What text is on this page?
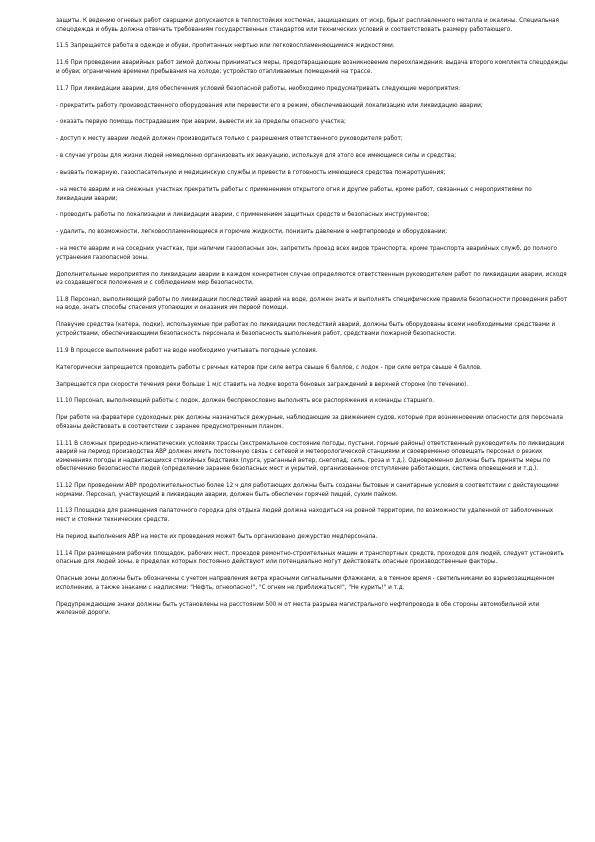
защиты. К ведению огневых работ сварщики допускаются в теплостойких костюмах, защищающих от искр, брызг расплавленного металла и окалины. Специальная спецодежда и обувь должна отвечать требованиям государственных стандартов или технических условий и соответствовать размеру работающего.

11.5 Запрещается работа в одежде и обуви, пропитанных нефтью или легковоспламеняющимися жидкостями.

11.6 При проведении аварийных работ зимой должны приниматься меры, предотвращающие возникновение переохлаждения: выдача второго комплекта спецодежды и обуви; ограничение времени пребывания на холоде; устройство отапливаемых помещений на трассе.

11.7 При ликвидации аварии, для обеспечения условий безопасной работы, необходимо предусматривать следующие мероприятия:

- прекратить работу производственного оборудования или перевести его в режим, обеспечивающий локализацию или ликвидацию аварии;

- оказать первую помощь пострадавшим при аварии, вывести их за пределы опасного участка;

- доступ к месту аварии людей должен производиться только с разрешения ответственного руководителя работ;

- в случае угрозы для жизни людей немедленно организовать их эвакуацию, используя для этого все имеющиеся силы и средства;

- вызвать пожарную, газоспасательную и медицинскую службы и привести в готовность имеющиеся средства пожаротушения;

- на месте аварии и на смежных участках прекратить работы с применением открытого огня и другие работы, кроме работ, связанных с мероприятиями по ликвидации аварии;

- проводить работы по локализации и ликвидации аварии, с применением защитных средств и безопасных инструментов;

- удалить, по возможности, легковоспламеняющиеся и горючие жидкости, понизить давление в нефтепроводе и оборудовании;

- на месте аварии и на соседних участках, при наличии газоопасных зон, запретить проезд всех видов транспорта, кроме транспорта аварийных служб, до полного устранения газоопасной зоны.

Дополнительные мероприятия по ликвидации аварии в каждом конкретном случае определяются ответственным руководителем работ по ликвидации аварии, исходя из создавшегося положения и с соблюдением мер безопасности.

11.8 Персонал, выполняющий работы по ликвидации последствий аварий на воде, должен знать и выполнять специфические правила безопасности проведения работ на воде, знать способы спасения утопающих и оказания им первой помощи.

Плавучие средства (катера, лодки), используемые при работах по ликвидации последствий аварий, должны быть оборудованы всеми необходимыми средствами и устройствами, обеспечивающими безопасность персонала и безопасность выполнения работ, средствами пожарной безопасности.

11.9 В процессе выполнения работ на воде необходимо учитывать погодные условия.

Категорически запрещается проводить работы с речных катеров при силе ветра свыше 6 баллов, с лодок - при силе ветра свыше 4 баллов.

Запрещается при скорости течения реки больше 1 м/с ставить на лодке ворота боновых заграждений в верхней стороне (по течению).

11.10 Персонал, выполняющий работы с лодок, должен беспрекословно выполнять все распоряжения и команды старшего.

При работе на фарватере судоходных рек должны назначаться дежурные, наблюдающие за движением судов, которые при возникновении опасности для персонала обязаны действовать в соответствии с заранее предусмотренным планом.

11.11 В сложных природно-климатических условиях трассы (экстремальное состояние погоды, пустыни, горные районы) ответственный руководитель по ликвидации аварий на период производства АВР должен иметь постоянную связь с сетевой и метеорологической станциями и своевременно оповещать персонал о резких изменениях погоды и надвигающихся стихийных бедствиях (пурга, ураганный ветер, снегопад, сель, гроза и т.д.). Одновременно должны быть приняты меры по обеспечению безопасности людей (определение заранее безопасных мест и укрытий, организованное отступление работающих, система оповещения и т.д.).

11.12 При проведении АВР продолжительностью более 12 ч для работающих должны быть созданы бытовые и санитарные условия в соответствии с действующими нормами. Персонал, участвующий в ликвидации аварии, должен быть обеспечен горячей пищей, сухим пайком.

11.13 Площадка для размещения палаточного городка для отдыха людей должна находиться на ровной территории, по возможности удаленной от заболоченных мест и стоянки технических средств.

На период выполнения АВР на месте их проведения может быть организовано дежурство медперсонала.

11.14 При размещении рабочих площадок, рабочих мест, проездов ремонтно-строительных машин и транспортных средств, проходов для людей, следует установить опасные для людей зоны, в пределах которых постоянно действуют или потенциально могут действовать опасные производственные факторы.

Опасные зоны должны быть обозначены с учетом направления ветра красными сигнальными флажками, а в темное время - светильниками во взрывозащищенном исполнении, а также знаками с надписями: "Нефть, огнеопасно!", "С огнем не приближаться!", "Не курить!" и т.д.

Предупреждающие знаки должны быть установлены на расстоянии 500 м от места разрыва магистрального нефтепровода в обе стороны автомобильной или железной дороги.
